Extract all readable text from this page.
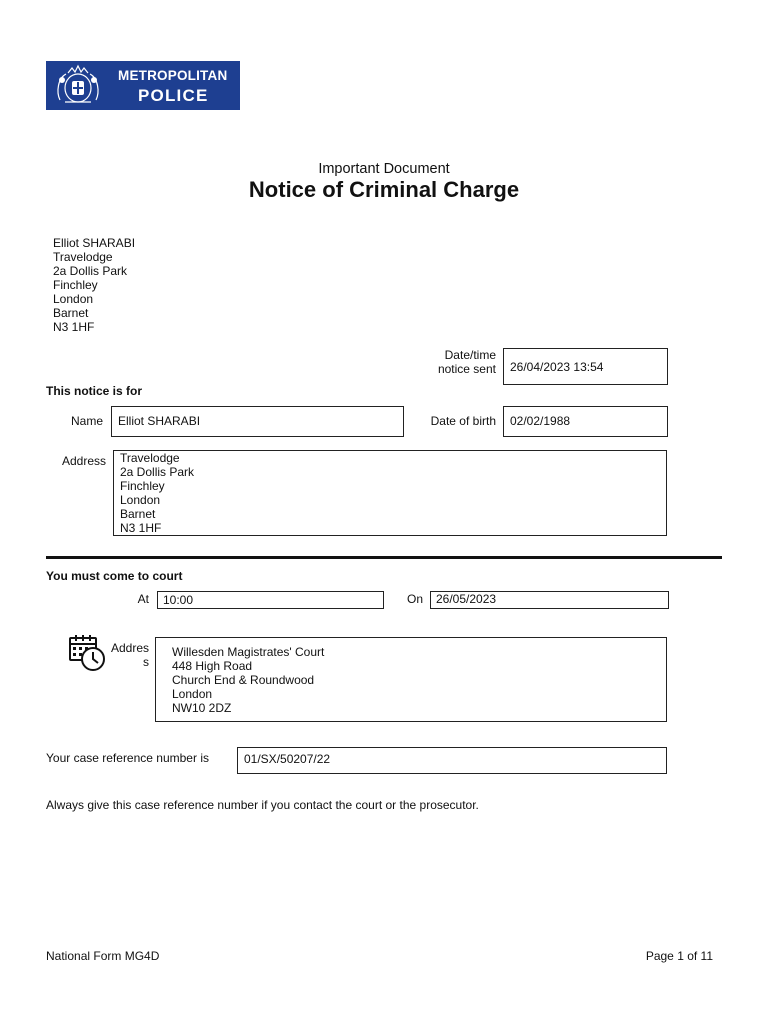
METROPOLITAN
POLICE
Important Document
Notice of Criminal Charge
Elliot SHARABI
Travelodge
2a Dollis Park
Finchley
London
Barnet
N3 1HF
Date/time
notice sent 26/04/2023 13:54
This notice is for
Name Elliot SHARABI	Date of birth 02/02/1988
Address Travelodge
2a Dollis Park
Finchley
London
Barnet
N3 1HF
You must come to court
At 10:00	On 26/05/2023
Addres
s
Willesden Magistrates' Court
448 High Road
Church End & Roundwood
London
NW10 2DZ
Your case reference number is	01/SX/50207/22
Always give this case reference number if you contact the court or the prosecutor.
National Form MG4D	Page 1 of 11
